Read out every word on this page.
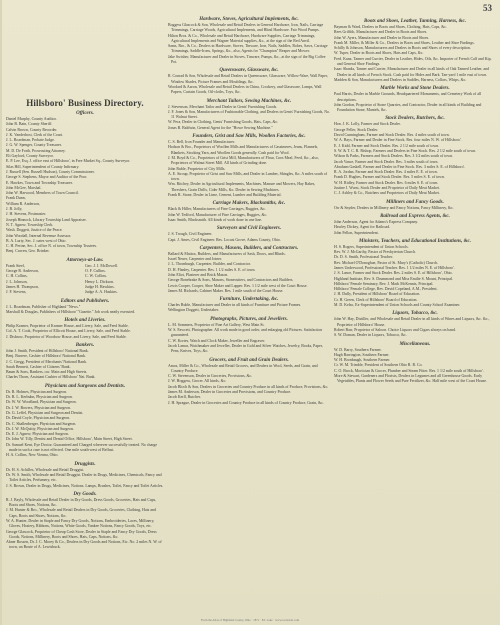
53
Hillsboro' Business Directory.
Officers.

Daniel Murphy, County Auditor.

John B. Bain, County Sheriff.

Calvin Brown, County Recorder.

J. K. Vanderhost, Clerk of the Court.

J. L. Boardman, Probate Judge.

J. G. W. Spenger, County Treasurer.

M. D. De Forth, Prosecuting Attorney.

Eli Gaylord, County Surveyor.

E. P. Lee, Esq. J. office east of Hillsboro', in Free Market Sq., County Surveyor.

Silas Hill, Superintendent of County Infirmary.

J. Russell (Sen. Russell Hudson), County Commissioner.

George S. Stephens, Mayor and Auditor of the Poor.

E. Hawkes, Town and Township Treasurer.

John McGee, Marshal.

John W. Harwood, Members of Town Council.

Frank Dunn,

William R. Anderson,

J. B. Jolly,

J. H. Stevens, Postmaster.

Joseph Hinnock, Library Township Land Appraiser.

N. T. Agnew, Township Clerk.

Wash. Doggett, Justice of the Peace.

John Woodall, Internal Revenue Assessor.

B. A. Lurty, Sec. J. oates west of Ohio.

C. H. Perine, Sec. J. office N. of town, Township Trustees.

Benj. Craven, Geo. Brinker.

Attorneys-at-Law.
Frank Steel,	Geo. J. J. McDowell.
George R. Anderson,	O. F. Cullins.
C. H. Collins,	C. W. Collins.
J. L. Johnson,	Henry L. Dickson.
James H. Thompson,	Judge H. Hawkins.
J. F. Stevens,	Judge A. A. Haskins.
Editors and Publishers.

J. L. Boardman, Publisher of Highland "News."

Marshall & Douglas, Publishers of Hillsboro' "Gazette." Job work neatly executed.

Hotels and Liveries.

Philip Kramer, Proprietor of Kramer House, and Livery, Sale, and Feed Stable.

Col. A. T. Cook, Proprietor of Ellicott House, and Livery, Sale, and Feed Stable.

J. Disbrow, Proprietor of Woodrow House, and Livery, Sale, and Feed Stable.

Bankers.

John J. Smith, President of Hillsboro' National Bank.

Benj. Barrere, Cashier of Hillsboro' National Bank.

J. C. Gregg, President of Merchants' National Bank.

Sarah Bennett, Cashier of Citizens' Bank.

Baum & Sons, Bankers, cor. Main and High Streets.

Charles Thorn, Assistant Cashier of Hillsboro' Nat. Bank.

Physicians and Surgeons and Dentists.

Dr. R. Holmes, Physician and Surgeon.

Dr. R. L. Kerbuhn, Physician and Surgeon.

Dr. W. W. Woodland, Physician and Surgeon.

Dr. J. W. Bowers, Physician and Surgeon.

Dr. G. Leffel, Physician and Surgeon and Dentist.

Dr. David Coyle, Physician and Surgeon.

Dr. C. Shallenberger, Physician and Surgeon.

Dr. J. W. McQuitty, Physician and Surgeon.

Dr. E. J. Agnew, Physician and Surgeon.

Dr. John W. Tilly, Dentist and Dental Office, Hillsboro', Main Street, High Street.

Dr. Samuel Kent, Eye Doctor. Guaranteed and Charged wherever successfully treated. No charge made in such a case is not effected. One mile south-west of Belfast.

H. A. Collins, New Vienna, Ohio.

Druggists.

Dr. H. S. Achilles, Wholesale and Retail Druggist.

Dr. W. S. Smith, Wholesale and Retail Druggist. Dealer in Drugs, Medicines, Chemicals, Fancy and Toilet Articles, Perfumery, etc.

J. S. Brown, Dealer in Drugs, Medicines, Notions. Lamps, Brushes, Toilet, Fancy and Toilet Articles.

Dry Goods.

R. J. Bayly, Wholesale and Retail Dealer in Dry Goods, Dress Goods, Groceries, Hats and Caps, Boots and Shoes, Notions, &c.

J. M. Hunter & Bro., Wholesale and Retail Dealers in Dry Goods, Groceries, Clothing, Hats and Caps, Boots and Shoes, Notions, &c.

W. A. Hunter, Dealer in Staple and Fancy Dry Goods, Notions, Embroideries, Laces, Millinery, Gloves, Hosiery, Ribbons, Notions, White Goods, Yankee Notions, Fancy Goods, Toys, etc.

George Glascock, Proprietor of Cheap Cash Store, Dealer in Staple and Fancy Dry Goods, Dress Goods, Notions, Millinery, Boots and Shoes, Hats, Caps, Notions, &c.

Abner Rossen, Dr. J. C. Morey & Co., Dealers in Dry Goods and Notions, Etc. No. 2 miles N. W. of town, on Route of A. Lewisbuck.

Hardware, Stoves, Agricultural Implements, &c.

Boggess Glascock & Son, Wholesale and Retail Dealers in General Hardware, Iron, Nails, Carriage Trimmings, Carriage Woods, Agricultural Implements, and Blind Hardware. Fair Wood Pumps.

Hilton Bros. & Co., Wholesale and Retail Hardware, Hardware Supplies, Carriage Trimmings, Agricultural Implements and Wagner Material supplies, &c., at the sign of the Red Anvil.

Sams, Bro., & Co., Dealers in Hardware, Stoves, Tinware, Iron, Nails, Saddles, Robes, Saws, Carriage Trimmings, Saddle-Irons, Springs, &c., also, Agents for "Champion" Reaper and Mower.

Jake Swisher, Manufacturer and Dealer in Stoves, Tinware, Pumps, &c., at the sign of the Big Coffee Pot.

Queensware, Glassware, &c.

R. Conrad & Son, Wholesale and Retail Dealers in Queensware, Glassware, Willow-Ware, Wall Paper, Window Shades, Picture Frames and Mouldings, &c.

Woodard & Aaron, Wholesale and Retail Dealers in China, Crockery, and Glassware, Lamps, Wall Papers, Curtain Goods, Oil-cloths, Toys, &c.

Merchant Tailors, Sewing Machines, &c.

J. Stevenson, Merchant Tailor and Dealer in Gents' Furnishing Goods.

J. F. Jones & Son, Manufacturers of Fashionable Clothing, and Dealers in Gents' Furnishing Goods, No. 11 Walnut Street.

W. Pera, Dealer in Clothing, Gents' Furnishing Goods, Hats, Caps, &c.

Jonas B. Baldwin, General Agent for the "Howe Sewing Machine."

Founders, Grist and Saw Mills, Woollen Factories, &c.

C. S. Bell, Iron Founder and Manufacturer.

Hodson & Bro., Proprietors of Woollen Mills and Manufacturers of Cassimeres, Jeans, Flannels, Blankets, Stocking Yarn, and Woollen Goods generally. Cash paid for Wool.

J. M. Boyd & Co., Proprietors of Grist Mill, Manufacturers of Flour, Corn Meal, Feed, &c., also, Proprietors of Walnut Street Mill. All kinds of Grinding done.

John Ruble, Proprietor of City Mills.

A. E. Stroup, Proprietor of Grist and Saw Mills, and Dealer in Lumber, Shingles, &c. A miles south of town.

Wm. Ritchey, Dealer in Agricultural Implements, Machines, Manure and Mowers, Hay Rakes, Threshers, Grain Drills, Cider Mills, &c. Dealer in Sewing Machines.

Frank R. Stone, Dealer in Lime, Cement, Lumber and Building Material.

Carriage Makers, Blacksmiths, &c.

Black & Hiller, Manufacturers of Fine Carriages, Buggies, &c.

John W. Tedford, Manufacturer of Fine Carriages, Buggies, &c.

Isaac Smith, Blacksmith. All kinds of work done in one line.

Surveyors and Civil Engineers.

J. S. Trough, Civil Engineer.

Capt. J. Ames, Civil Engineer. Res. Locust Grove, Adams County, Ohio.

Carpenters, Masons, Builders, and Contractors.

Ballard & Mattox, Builders, and Manufacturers of Sash, Doors, and Blinds.

Israel Neuer, Carpenter and Joiner.

J. L. Thornburgh, Carpenter, Builder, and Contractor.

D. H. Flanley, Carpenter. Res. 1 1/2 miles S. E. of town.

John Eliot, Plasterer and Brick Mason.

George Bonebrake & Sons, Masons, Stonecutters, and Contractors and Builders.

Lewis Cooper, Cooper, Shoe Maker and Lapper. Res. 1 1/2 mile west of the Court House.

James M. Richards, Cabinet Maker. Res. 1 mile south of the Court House.

Furniture, Undertaking, &c.

Charles Ruble, Manufacturer and Dealer in all kinds of Furniture and Picture Frames.

Wellington Doggett, Undertaker.

Photographs, Pictures, and Jewellers.

L. M. Sommers, Proprietor of Fine Art Gallery, West Main St.

W. S. Fawcett, Photographer. All work made in good order, and enlarging old Pictures. Satisfaction guaranteed.

C. W. Kortes, Watch and Clock Maker, Jeweller and Engraver.

Jacob Lamar, Watchmaker and Jeweller, Dealer in Gold and Silver Watches, Jewelry, Books, Paper, Pens, Knives, Toys, &c.

Grocers, and Fruit and Grain Dealers.

Amos, Miller & Co., Wholesale and Retail Grocers, and Dealers in Wool, Seeds, and Grain, and Country Produce.

C. W. Stevenson, Dealer in Groceries, Provisions, &c.

J. W. Hoggess, Grocer. All kinds, &c.

Jacob Bloch & Son, Dealers in Groceries and Country Produce in all kinds of Produce, Provisions, &c.

James M. Anderson, Dealer in Groceries and Provisions, and Country Produce.

Jacob Kerll, Butcher.

J. H. Sprague, Dealer in Groceries and Country Produce in all kinds of Country Produce, Grain, &c.

Boots and Shoes, Leather, Tanning, Harness, &c.

Bayman & Ward, Dealers in Boots and Shoes, Clothing, Hats, Caps, &c.

Rees Griffith, Manufacturer and Dealer in Boots and Shoes.

John W. Ayers, Manufacturer and Dealer in Boots and Shoes.

Frank M. Miller, & Miller & Co., Dealers in Boots and Shoes, Leather and Shoe Findings.

Schilly & Johnson, Manufacturers and Dealers in Boots and Shoes of every description.

W. Tuper, Dealer in Boots and Shoes, Hats and Caps, &c.

Fred. Kunz, Tanner and Currier, Dealer in Leather, Hides, Oils, &c. Importer of French Calf and Kip, and General Shoe Findings.

Isaac Shanks, Tanner and Currier, Manufacturer and Dealer in all kinds of Oak Tanned Leather, and Dealer in all kinds of French Stock. Cash paid for Hides and Bark. Tan-yard 1 mile east of town.

Madden & Son, Manufacturers and Dealers in Saddles, Harness, Collars, Whips, &c.

Marble Works and Stone Dealers.

Paul Harris, Dealer in Marble Grounds, Headquartered Monuments, and Cemetery Work of all descriptions.

John Gordon, Proprietor of Stone Quarries, and Contractor, Dealer in all kinds of Building and Foundation Stone, Mantels, &c.

Stock Dealers, Butchers, &c.

Hon. J. K. Lolly, Farmer and Stock Dealer.

George Feller, Stock Dealer.

David Cunningham, Farmer and Stock Dealer. Res. 4 miles south of town.

W. A. Bays, Farmer and Dealer in Fine Stock. Res. four miles N. W. of Hillsboro'.

E. J. Kidd, Farmer and Stock Dealer. Res. 2 1/2 mile south of town.

S. W. & T. C. R. Bishop, Farmers and Dealers in Fine Stock. Res. 2 1/2 mile south of town.

Wilson & Parks, Farmers and Stock Dealers. Res. 3 1/2 miles south of town.

Jacob Vance, Farmer and Stock Dealer. Res. 3 miles south of town.

Abraham Gaskell, Farmer and Dealer in Fine Stock. Res. 3 miles S. E. of Hillsboro'.

R. A. Jordan, Farmer and Stock Dealer. Res. 4 miles E. E. of town.

Frank D. Hughes, Farmer and Stock Dealer. Res. 5 miles S. E. of town.

W. H. Ridley, Farmer and Stock Dealer. Res. 6 miles S. E. of town.

Justine J. Wurst, Stock Dealer and Proprietor of Daily Meat Market.

C. J. Ashley & Co., Butchers and Proprietors of Daily Meat Market.

Milliners and Fancy Goods.

Orr & Snyder, Dealers in Millinery and Fancy Notions, Fancy Millinery, &c.

Railroad and Express Agents, &c.

John Anderson, Agent for Adams's Express Company.

Hawley Dickey, Agent for Railroad.

John Fellon, Superintendent.

Ministers, Teachers, and Educational Institutions, &c.

H. S. Rogers, Superintendent of Union Schools.

Rev. W. J. McGarthy, Pastor of Presbyterian Church.

Dr. D. S. Smith, Professional Teacher.

Rev. Michael O'Donoghue, Pastor of St. Mary's (Catholic) Church.

James Underwood, Professional Teacher. Res. 1 1/2 miles N. E. of Hillsboro'.

J. S. Lance, Farmer and Stock Dealer. Res. 2 miles S. E. of Hillsboro', Ohio.

Highland Institute, Rev. S. Drummond and Miss Emilie S. Mount, Principal.

Hillsboro' Female Seminary, Rev. J. Mark McKennis, Principal.

Hillsboro' Female College, Rev. David Copeland, A.M., President.

J. H. Dully, President of Hillsboro' Board of Education.

Cr. H. Green, Clerk of Hillsboro' Board of Education.

M. D. Kelso, Ex-Superintendent of Union Schools and County School Examiner.

Liquors, Tobacco, &c.

John W. Hay, Distiller, and Wholesale and Retail Dealer in all kinds of Wines and Liquors, &c. &c., Proprietor of Hillsboro' House.

Robert Barr, Proprietor of Saloon. Choice Liquors and Cigars always on hand.

S. W. Doman, Dealer in Liquors, Tobacco, &c.

Miscellaneous.

W. D. Barry, Southern Farmer.

Hugh Barrington, Southern Farmer.

W. H. Bronbaugh, Southern Farmer.

Cr. W. M. Trimble, President of Southern Ohio R. R. Co.

C. O. Brock, Mortician & Grocer, Plumber and Steam Fitter. Res. 1 1/2 mile south of Hillsboro'.

More & Stewart, Gardeners and Florists, Dealers in Legumes and all Greenhouse Goods. Early Vegetables, Plants and Flower Seeds and Pure Fertilizer, &c. Half mile west of the Court House.

From the Atlas of Highland County, Ohio · 1871 · Ed. Lake · www.rootsweb.com
